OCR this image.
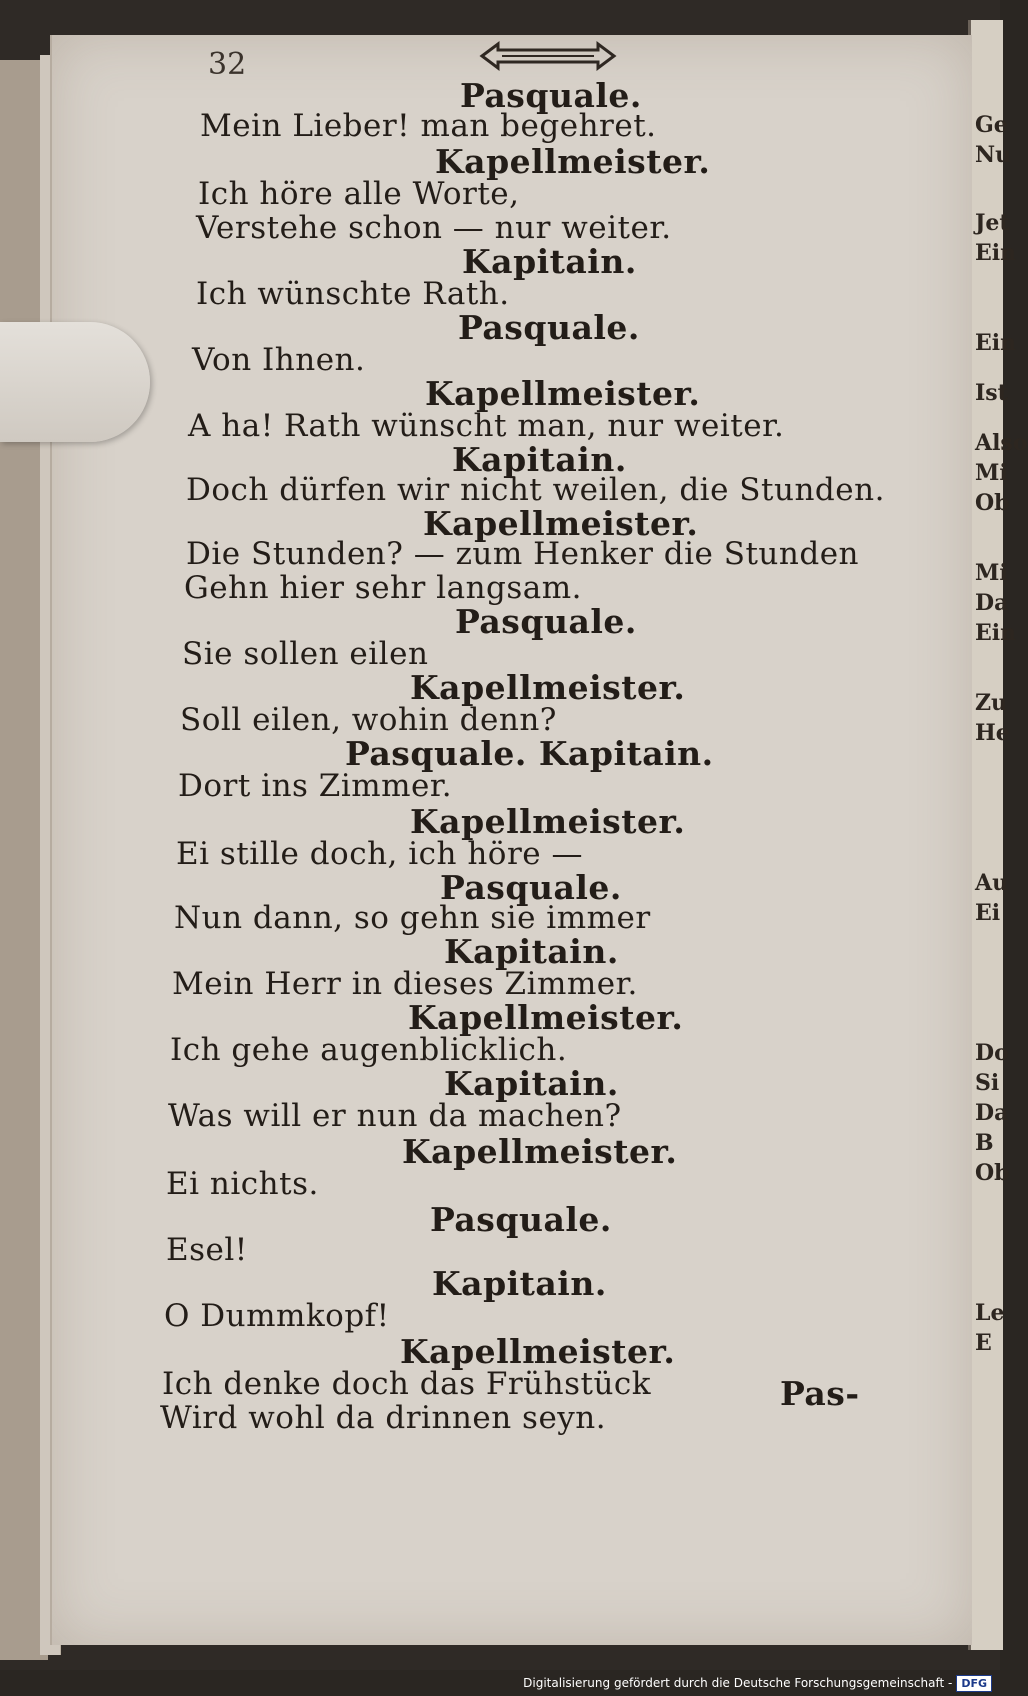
Ge
Nu
Jet
Ein
Ein
Ist
Also
Mi
Ob
Mi
Da
Ein
Zu
He
Au
Ei
Do
Si
Da
B
Ob
Le
E
32
Pasquale.
Mein Lieber! man begehret.
Kapellmeister.
Ich höre alle Worte,
Verstehe schon — nur weiter.
Kapitain.
Ich wünschte Rath.
Pasquale.
Von Ihnen.
Kapellmeister.
A ha! Rath wünscht man, nur weiter.
Kapitain.
Doch dürfen wir nicht weilen, die Stunden.
Kapellmeister.
Die Stunden? — zum Henker die Stunden
Gehn hier sehr langsam.
Pasquale.
Sie sollen eilen
Kapellmeister.
Soll eilen, wohin denn?
Pasquale. Kapitain.
Dort ins Zimmer.
Kapellmeister.
Ei stille doch, ich höre —
Pasquale.
Nun dann, so gehn sie immer
Kapitain.
Mein Herr in dieses Zimmer.
Kapellmeister.
Ich gehe augenblicklich.
Kapitain.
Was will er nun da machen?
Kapellmeister.
Ei nichts.
Pasquale.
Esel!
Kapitain.
O Dummkopf!
Kapellmeister.
Ich denke doch das Frühstück
Wird wohl da drinnen seyn.
Pas-
Digitalisierung gefördert durch die Deutsche Forschungsgemeinschaft - DFG
